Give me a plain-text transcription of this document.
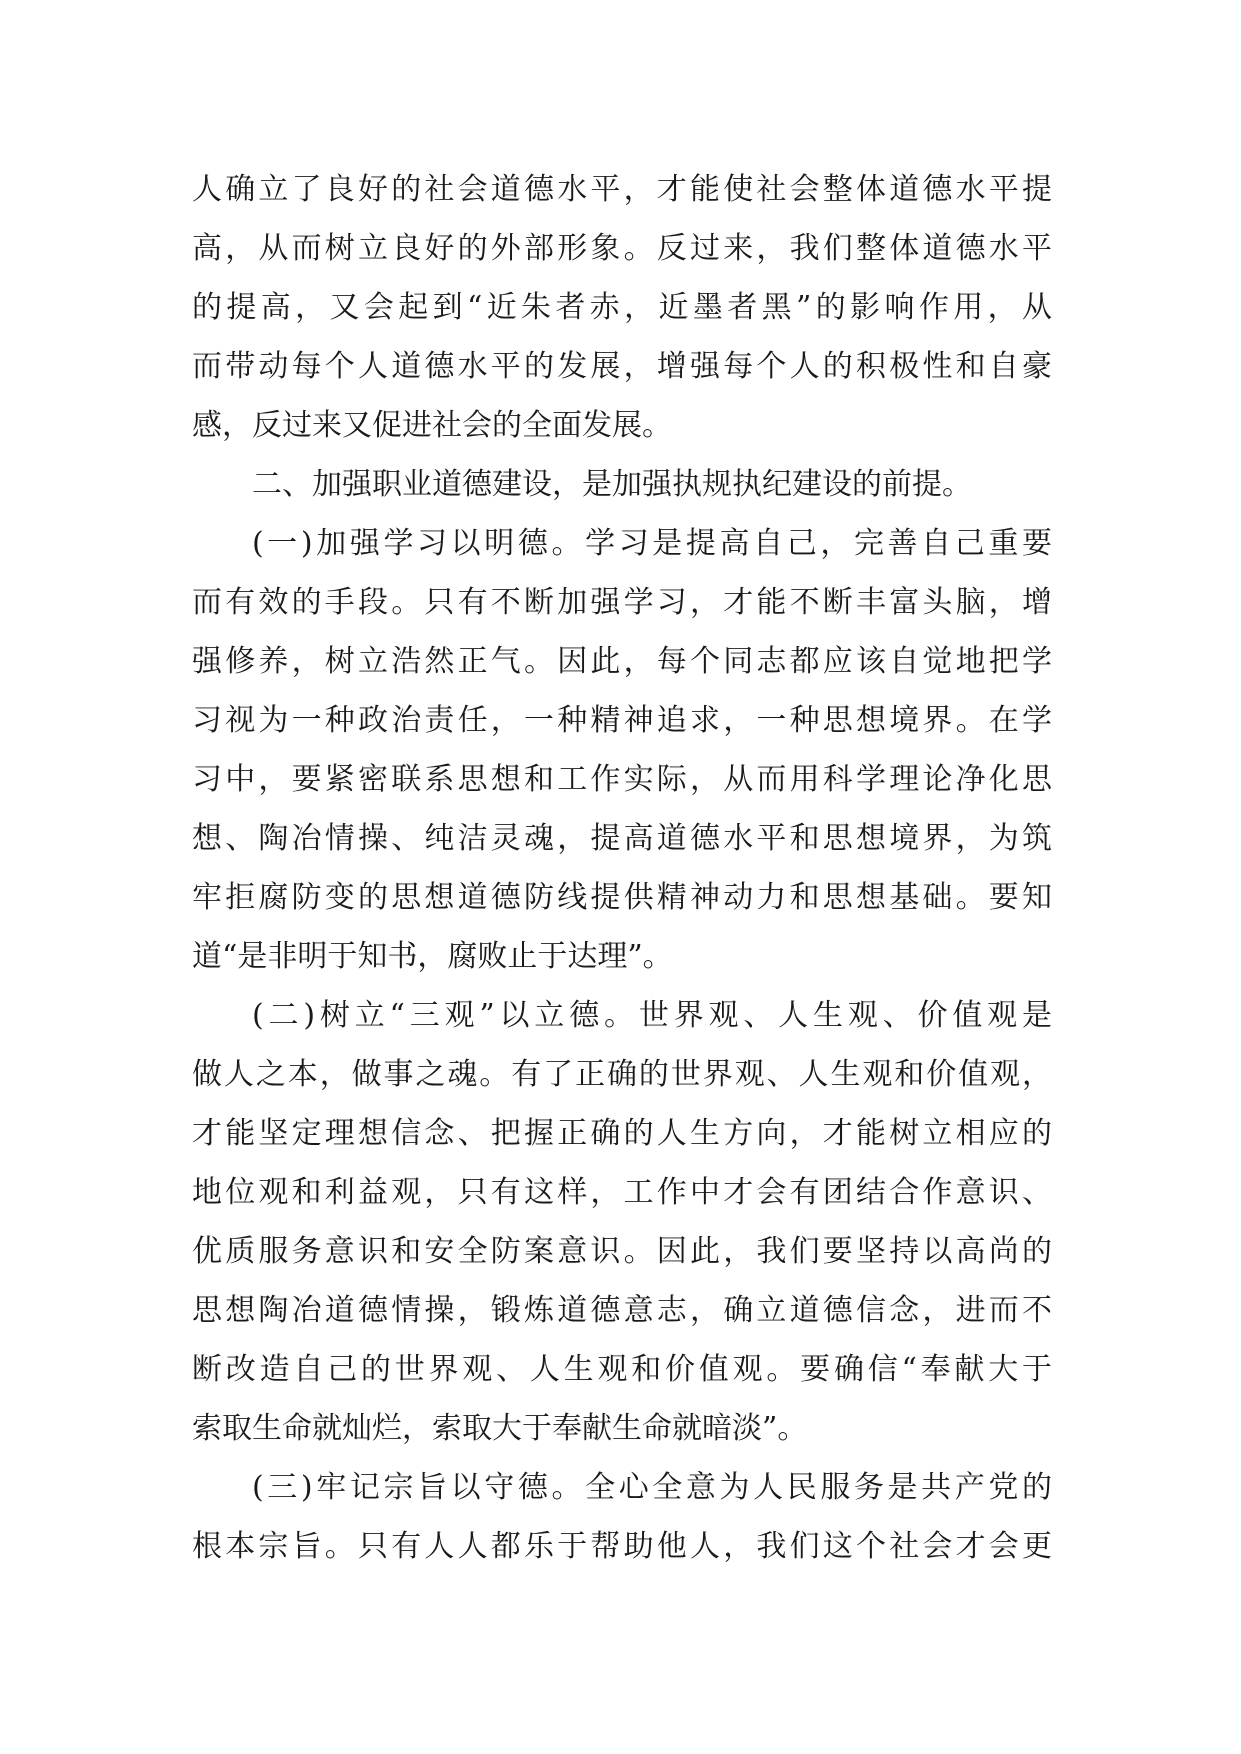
人确立了良好的社会道德水平，才能使社会整体道德水平提
高，从而树立良好的外部形象。反过来，我们整体道德水平
的提高，又会起到“近朱者赤，近墨者黑”的影响作用，从
而带动每个人道德水平的发展，增强每个人的积极性和自豪
感，反过来又促进社会的全面发展。
二、加强职业道德建设，是加强执规执纪建设的前提。
(一)加强学习以明德。学习是提高自己，完善自己重要
而有效的手段。只有不断加强学习，才能不断丰富头脑，增
强修养，树立浩然正气。因此，每个同志都应该自觉地把学
习视为一种政治责任，一种精神追求，一种思想境界。在学
习中，要紧密联系思想和工作实际，从而用科学理论净化思
想、陶冶情操、纯洁灵魂，提高道德水平和思想境界，为筑
牢拒腐防变的思想道德防线提供精神动力和思想基础。要知
道“是非明于知书，腐败止于达理”。
(二)树立“三观”以立德。世界观、人生观、价值观是
做人之本，做事之魂。有了正确的世界观、人生观和价值观，
才能坚定理想信念、把握正确的人生方向，才能树立相应的
地位观和利益观，只有这样，工作中才会有团结合作意识、
优质服务意识和安全防案意识。因此，我们要坚持以高尚的
思想陶冶道德情操，锻炼道德意志，确立道德信念，进而不
断改造自己的世界观、人生观和价值观。要确信“奉献大于
索取生命就灿烂，索取大于奉献生命就暗淡”。
(三)牢记宗旨以守德。全心全意为人民服务是共产党的
根本宗旨。只有人人都乐于帮助他人，我们这个社会才会更
